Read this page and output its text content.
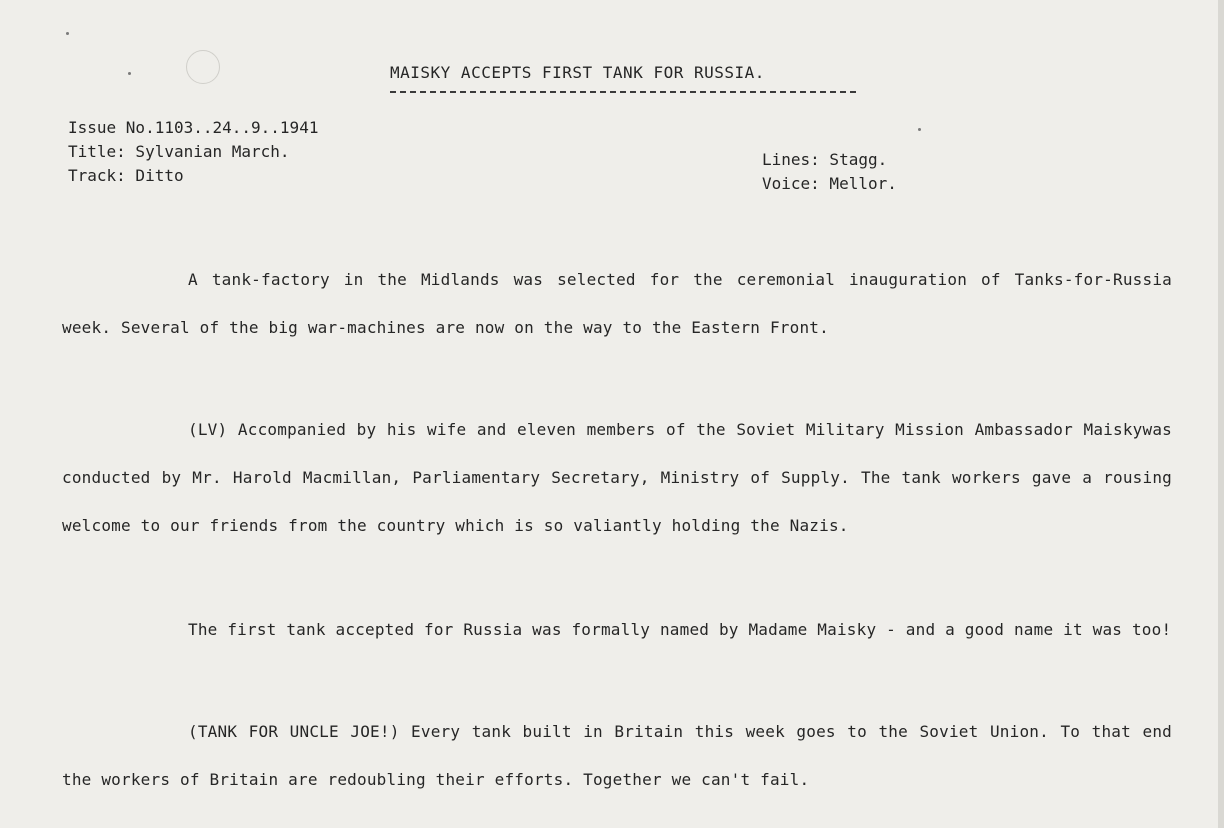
MAISKY ACCEPTS FIRST TANK FOR RUSSIA.
Issue No.1103..24..9..1941
Title: Sylvanian March.
Track: Ditto
Lines: Stagg.
Voice: Mellor.

A tank-factory in the Midlands was selected for the ceremonial inauguration of Tanks-for-Russia week. Several of the big war-machines are now on the way to the Eastern Front.

(LV) Accompanied by his wife and eleven members of the Soviet Military Mission Ambassador Maiskywas conducted by Mr. Harold Macmillan, Parliamentary Secretary, Ministry of Supply. The tank workers gave a rousing welcome to our friends from the country which is so valiantly holding the Nazis.

The first tank accepted for Russia was formally named by Madame Maisky - and a good name it was too!

(TANK FOR UNCLE JOE!) Every tank built in Britain this week goes to the Soviet Union. To that end the workers of Britain are redoubling their efforts. Together we can't fail.
